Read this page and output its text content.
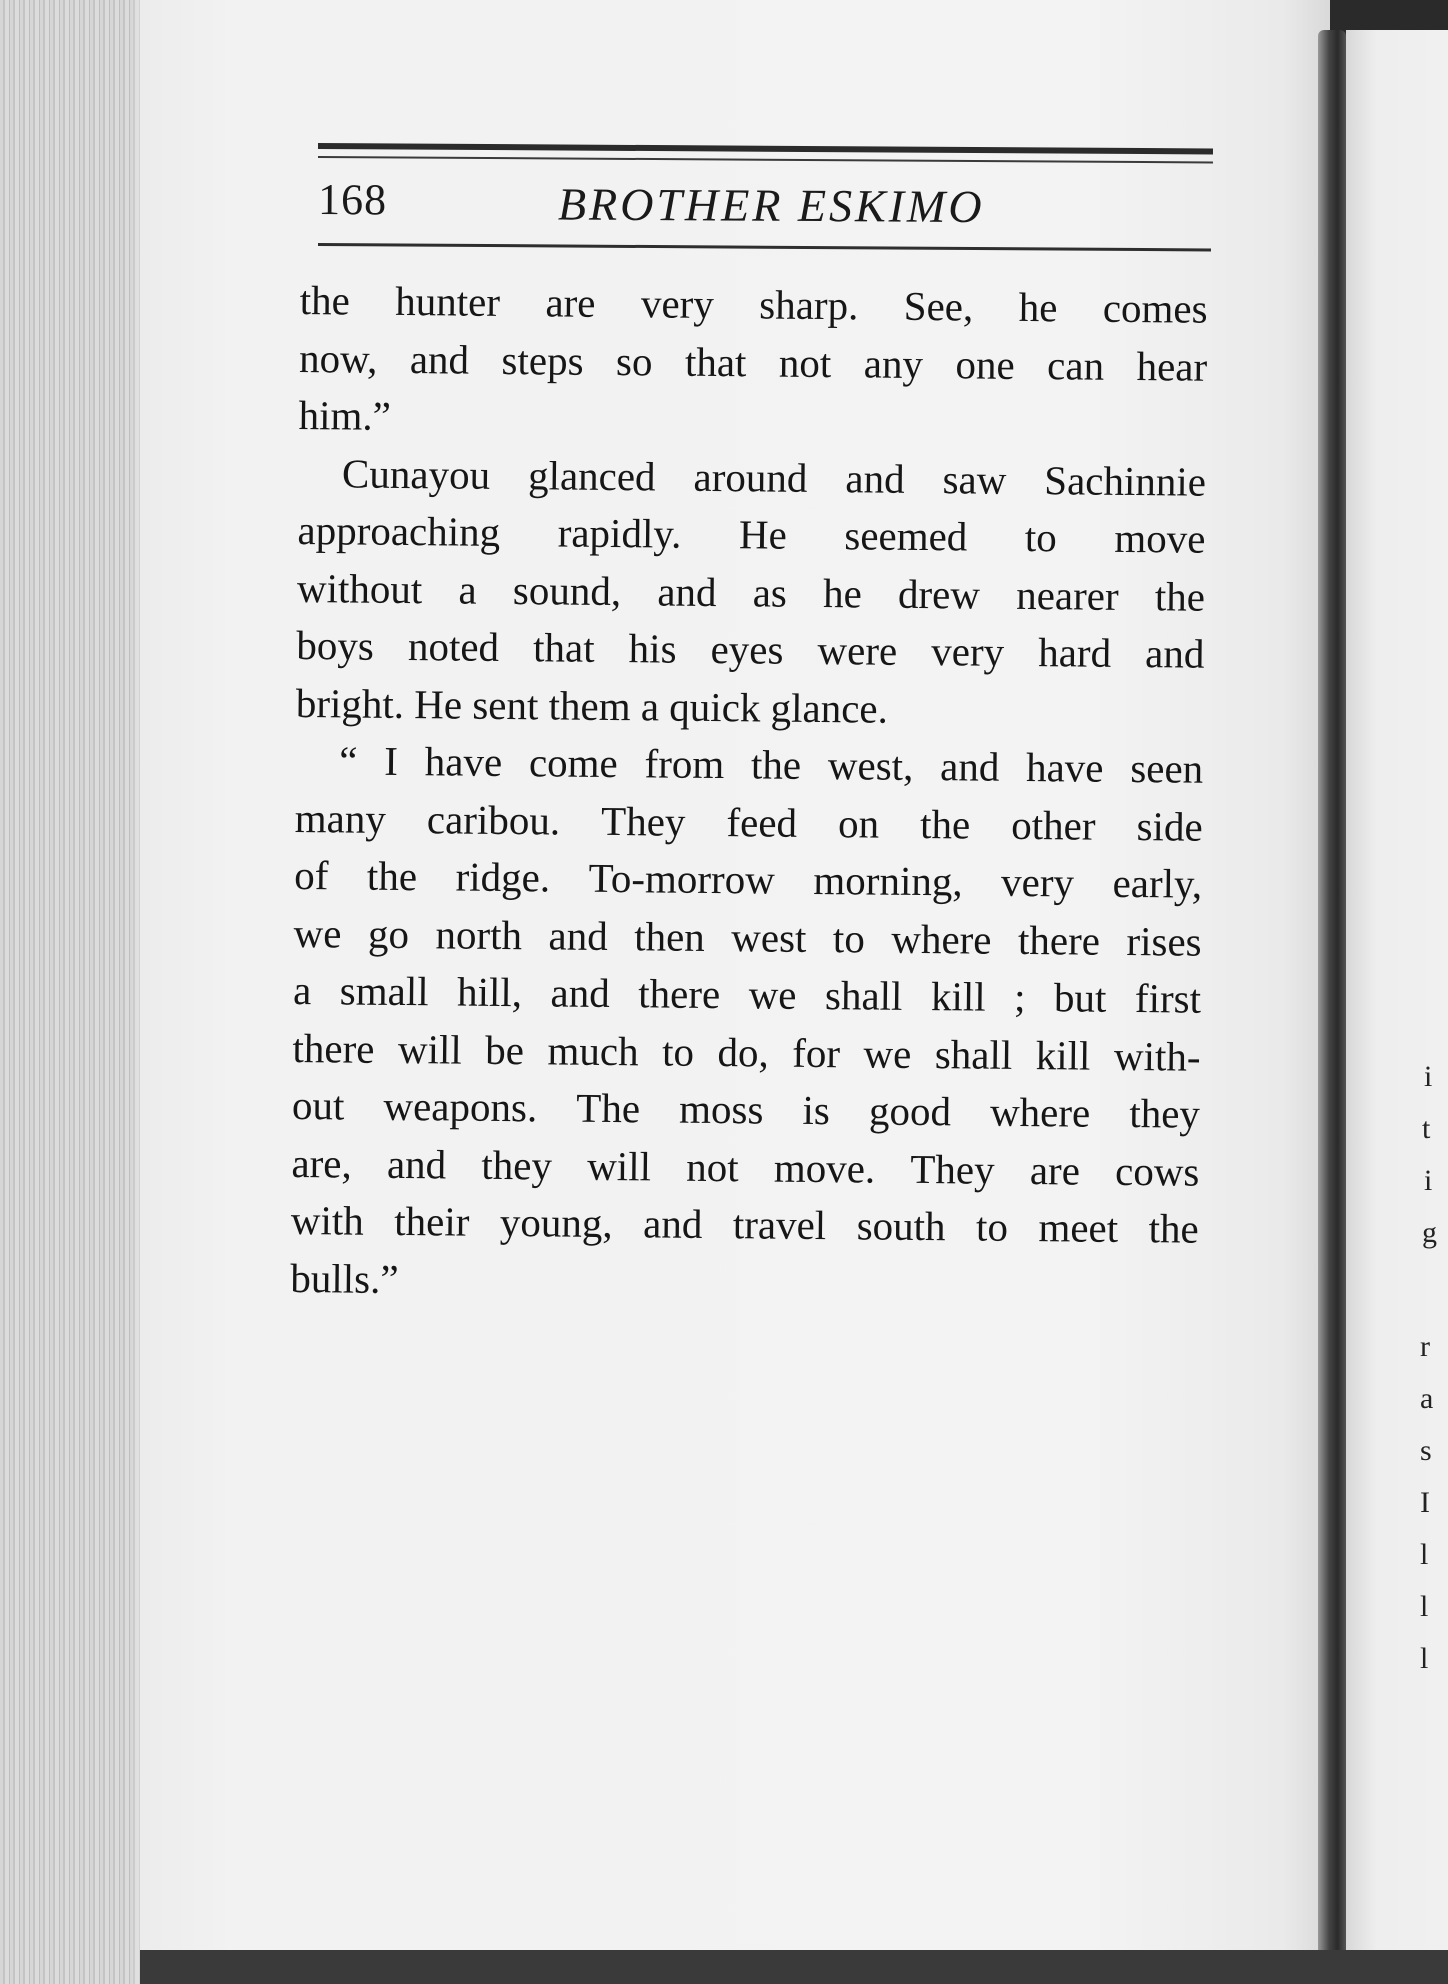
168	BROTHER ESKIMO
the hunter are very sharp. See, he comes
now, and steps so that not any one can hear
him.”
Cunayou glanced around and saw Sachinnie
approaching rapidly. He seemed to move
without a sound, and as he drew nearer the
boys noted that his eyes were very hard and
bright. He sent them a quick glance.
“ I have come from the west, and have seen
many caribou. They feed on the other side
of the ridge. To-morrow morning, very early,
we go north and then west to where there rises
a small hill, and there we shall kill ; but first
there will be much to do, for we shall kill with-
out weapons. The moss is good where they
are, and they will not move. They are cows
with their young, and travel south to meet the
bulls.”
i
t
i
g
r
a
s
I
l
l
l
